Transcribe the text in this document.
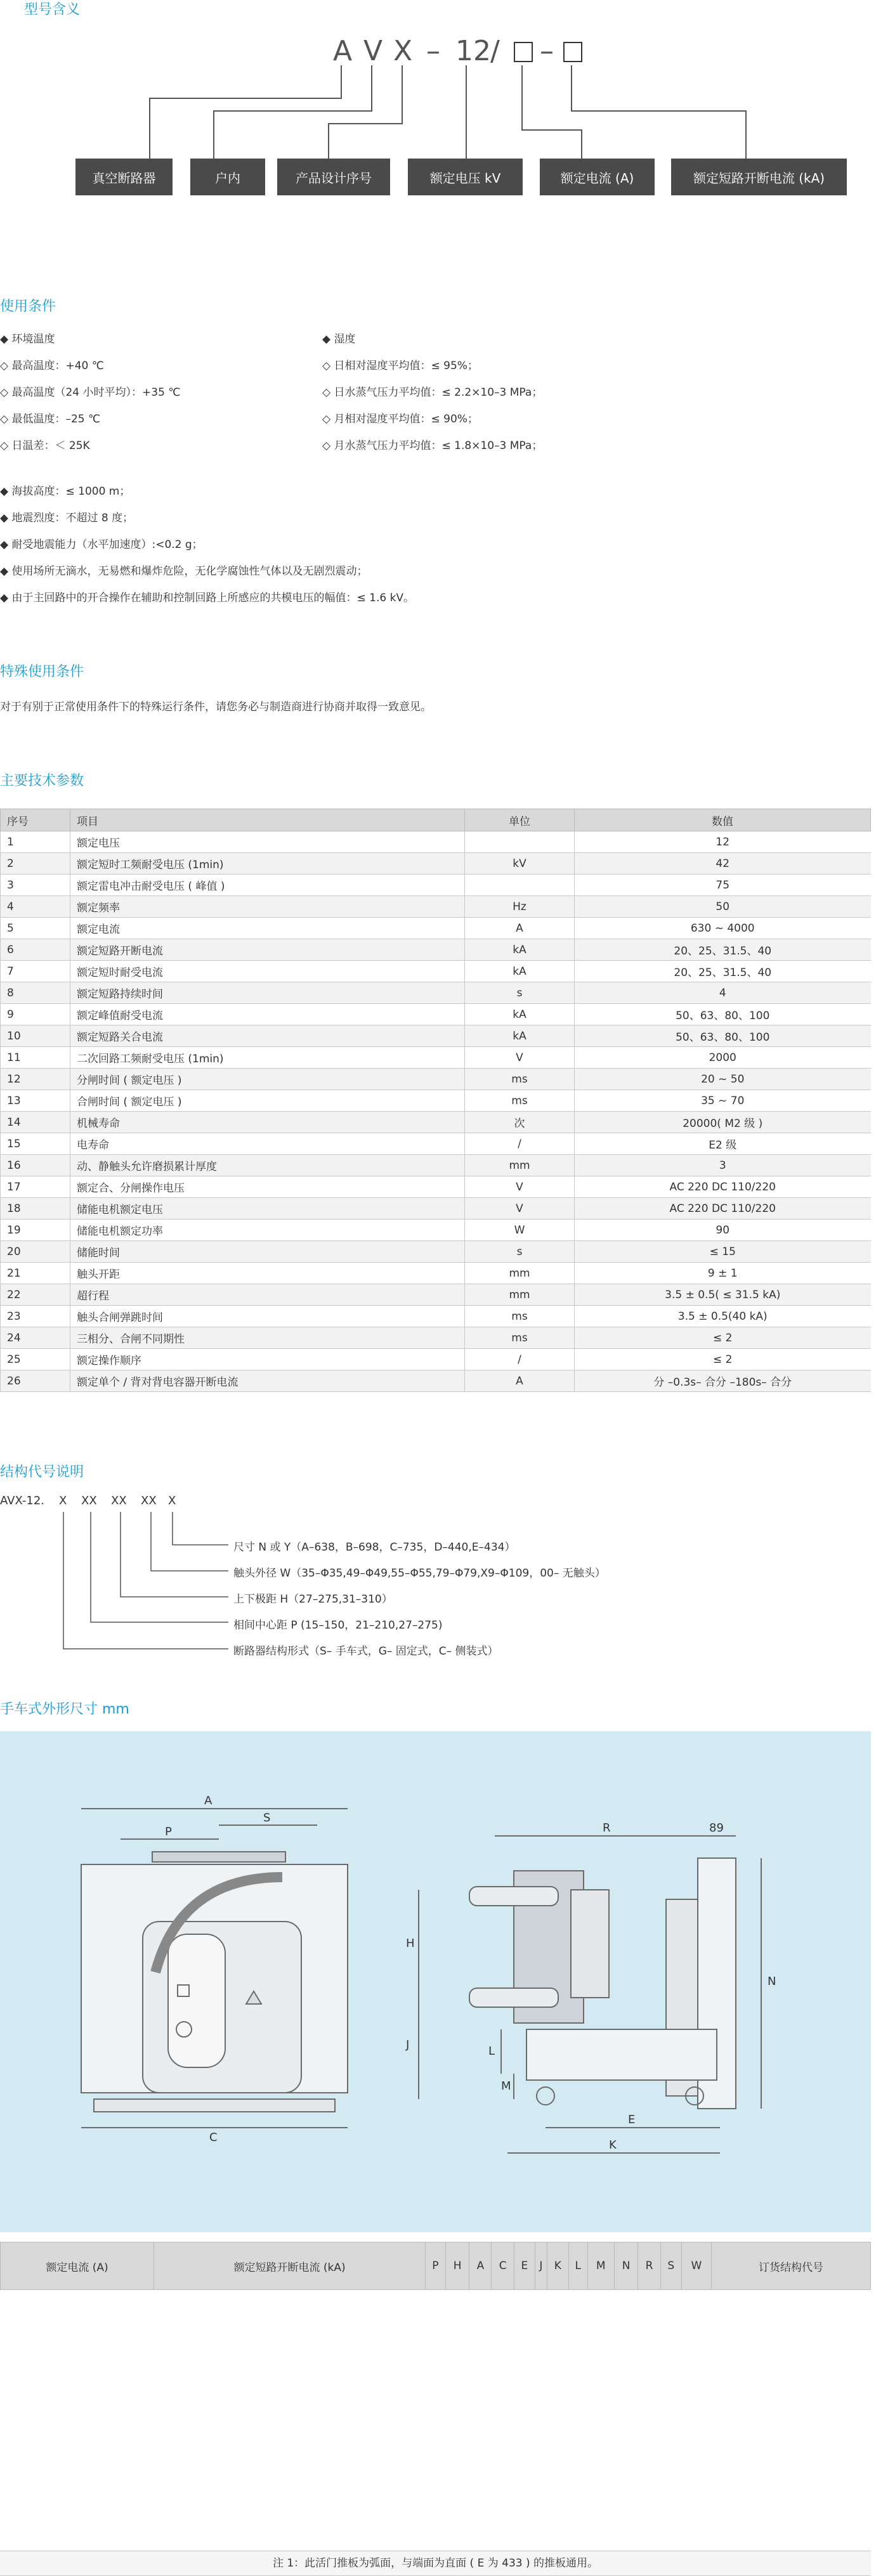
型号含义
A V X – 12 / –
真空断路器	户内	产品设计序号	额定电压 kV	额定电流 (A)	额定短路开断电流 (kA)
使用条件
◆ 环境温度
◇ 最高温度：+40 ℃
◇ 最高温度（24 小时平均）：+35 ℃
◇ 最低温度：–25 ℃
◇ 日温差：＜ 25K
◆ 湿度
◇ 日相对湿度平均值：≤ 95%；
◇ 日水蒸气压力平均值：≤ 2.2×10–3 MPa；
◇ 月相对湿度平均值：≤ 90%；
◇ 月水蒸气压力平均值：≤ 1.8×10–3 MPa；
◆ 海拔高度：≤ 1000 m；
◆ 地震烈度：不超过 8 度；
◆ 耐受地震能力（水平加速度）:<0.2 g；
◆ 使用场所无滴水，无易燃和爆炸危险，无化学腐蚀性气体以及无剧烈震动；
◆ 由于主回路中的开合操作在辅助和控制回路上所感应的共模电压的幅值：≤ 1.6 kV。
特殊使用条件
对于有别于正常使用条件下的特殊运行条件，请您务必与制造商进行协商并取得一致意见。
主要技术参数
序号	项目	单位	数值
1	额定电压		12
2	额定短时工频耐受电压 (1min)	kV	42
3	额定雷电冲击耐受电压 ( 峰值 )		75
4	额定频率	Hz	50
5	额定电流	A	630 ~ 4000
6	额定短路开断电流	kA	20、25、31.5、40
7	额定短时耐受电流	kA	20、25、31.5、40
8	额定短路持续时间	s	4
9	额定峰值耐受电流	kA	50、63、80、100
10	额定短路关合电流	kA	50、63、80、100
11	二次回路工频耐受电压 (1min)	V	2000
12	分闸时间 ( 额定电压 )	ms	20 ~ 50
13	合闸时间 ( 额定电压 )	ms	35 ~ 70
14	机械寿命	次	20000( M2 级 )
15	电寿命	/	E2 级
16	动、静触头允许磨损累计厚度	mm	3
17	额定合、分闸操作电压	V	AC 220 DC 110/220
18	储能电机额定电压	V	AC 220 DC 110/220
19	储能电机额定功率	W	90
20	储能时间	s	≤ 15
21	触头开距	mm	9 ± 1
22	超行程	mm	3.5 ± 0.5( ≤ 31.5 kA)
23	触头合闸弹跳时间	ms	3.5 ± 0.5(40 kA)
24	三相分、合闸不同期性	ms	≤ 2
25	额定操作顺序	/	≤ 2
26	额定单个 / 背对背电容器开断电流	A	分 –0.3s– 合分 –180s– 合分
结构代号说明
AVX-12. X XX XX XX X
尺寸 N 或 Y（A–638，B–698，C–735，D–440,E–434）
触头外径 W（35–Φ35,49–Φ49,55–Φ55,79–Φ79,X9–Φ109，00– 无触头）
上下极距 H（27–275,31–310）
相间中心距 P (15–150，21–210,27–275)
断路器结构形式（S– 手车式，G– 固定式，C– 侧装式）
手车式外形尺寸 mm
A
S
P
C
R	89
H
J	L
M
N
E
K
额定电流 (A)	额定短路开断电流 (kA)	P	H	A	C	E	J	K	L	M	N	R	S	W	订货结构代号
注 1：此活门推板为弧面，与端面为直面 ( E 为 433 ) 的推板通用。
